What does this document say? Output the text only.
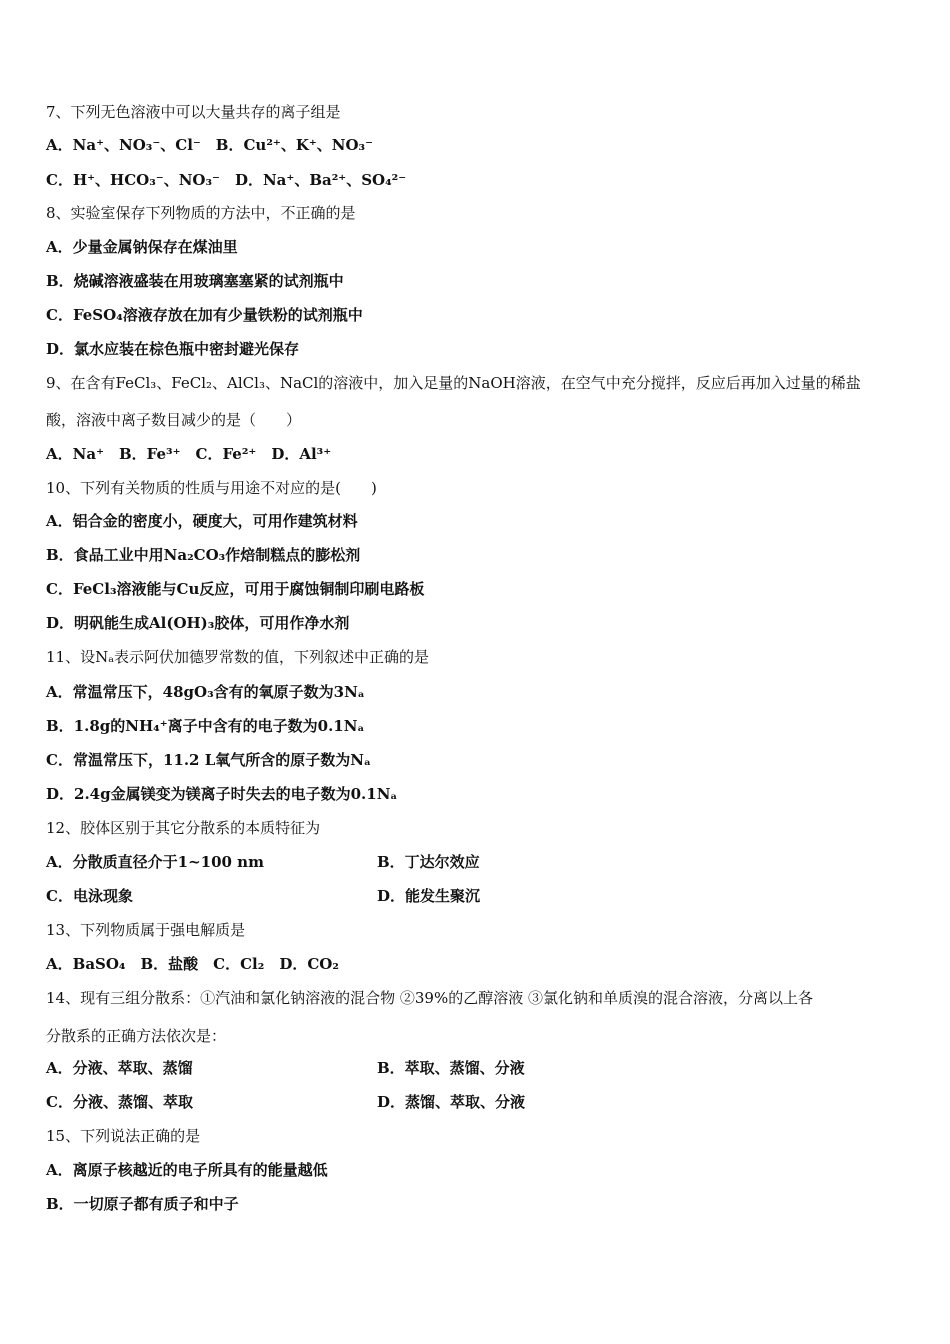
7、下列无色溶液中可以大量共存的离子组是
A．Na⁺、NO₃⁻、Cl⁻　B．Cu²⁺、K⁺、NO₃⁻
C．H⁺、HCO₃⁻、NO₃⁻　D．Na⁺、Ba²⁺、SO₄²⁻
8、实验室保存下列物质的方法中，不正确的是
A．少量金属钠保存在煤油里
B．烧碱溶液盛装在用玻璃塞塞紧的试剂瓶中
C．FeSO₄溶液存放在加有少量铁粉的试剂瓶中
D．氯水应装在棕色瓶中密封避光保存
9、在含有FeCl₃、FeCl₂、AlCl₃、NaCl的溶液中，加入足量的NaOH溶液，在空气中充分搅拌，反应后再加入过量的稀盐
酸，溶液中离子数目减少的是（　　）
A．Na⁺　B．Fe³⁺　C．Fe²⁺　D．Al³⁺
10、下列有关物质的性质与用途不对应的是(　　)
A．铝合金的密度小，硬度大，可用作建筑材料
B．食品工业中用Na₂CO₃作焙制糕点的膨松剂
C．FeCl₃溶液能与Cu反应，可用于腐蚀铜制印刷电路板
D．明矾能生成Al(OH)₃胶体，可用作净水剂
11、设Nₐ表示阿伏加德罗常数的值，下列叙述中正确的是
A．常温常压下，48gO₃含有的氧原子数为3Nₐ
B．1.8g的NH₄⁺离子中含有的电子数为0.1Nₐ
C．常温常压下，11.2 L氧气所含的原子数为Nₐ
D．2.4g金属镁变为镁离子时失去的电子数为0.1Nₐ
12、胶体区别于其它分散系的本质特征为
A．分散质直径介于1~100 nm	B．丁达尔效应
C．电泳现象	D．能发生聚沉
13、下列物质属于强电解质是
A．BaSO₄　B．盐酸　C．Cl₂　D．CO₂
14、现有三组分散系：①汽油和氯化钠溶液的混合物 ②39%的乙醇溶液 ③氯化钠和单质溴的混合溶液，分离以上各
分散系的正确方法依次是：
A．分液、萃取、蒸馏	B．萃取、蒸馏、分液
C．分液、蒸馏、萃取	D．蒸馏、萃取、分液
15、下列说法正确的是
A．离原子核越近的电子所具有的能量越低
B．一切原子都有质子和中子
